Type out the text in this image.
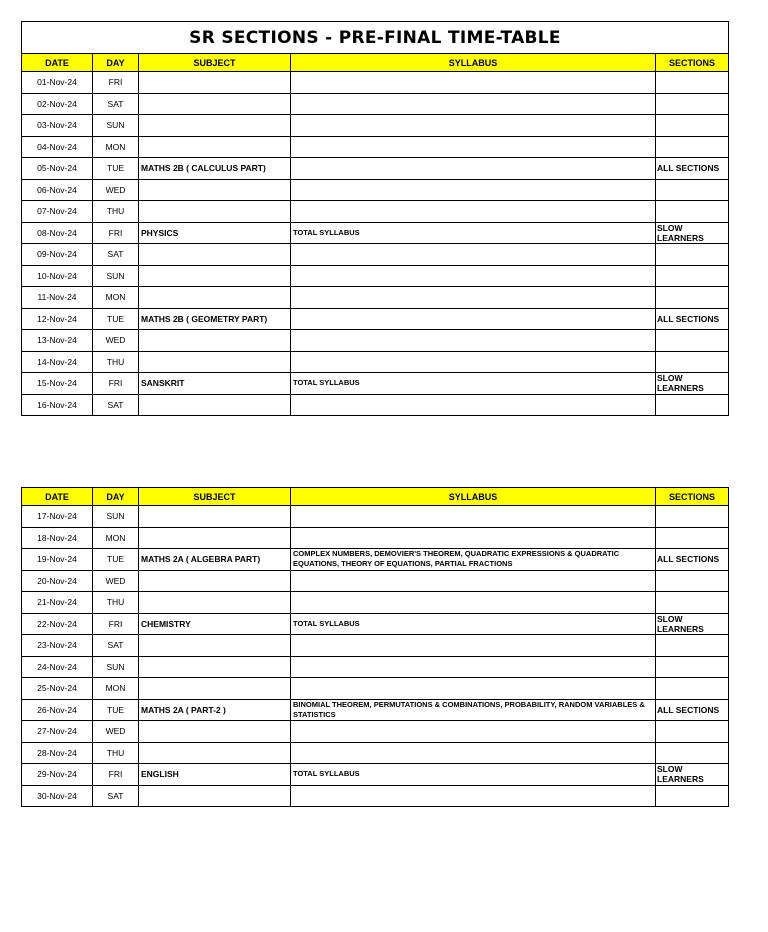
SR SECTIONS - PRE-FINAL TIME-TABLE				
DATE	DAY	SUBJECT	SYLLABUS	SECTIONS
01-Nov-24	FRI			
02-Nov-24	SAT			
03-Nov-24	SUN			
04-Nov-24	MON			
05-Nov-24	TUE	MATHS 2B ( CALCULUS PART)		ALL SECTIONS
06-Nov-24	WED			
07-Nov-24	THU			
08-Nov-24	FRI	PHYSICS	TOTAL SYLLABUS	SLOW LEARNERS
09-Nov-24	SAT			
10-Nov-24	SUN			
11-Nov-24	MON			
12-Nov-24	TUE	MATHS 2B ( GEOMETRY PART)		ALL SECTIONS
13-Nov-24	WED			
14-Nov-24	THU			
15-Nov-24	FRI	SANSKRIT	TOTAL SYLLABUS	SLOW LEARNERS
16-Nov-24	SAT			
DATE	DAY	SUBJECT	SYLLABUS	SECTIONS
17-Nov-24	SUN			
18-Nov-24	MON			
19-Nov-24	TUE	MATHS 2A ( ALGEBRA PART)	COMPLEX NUMBERS, DEMOVIER'S THEOREM, QUADRATIC EXPRESSIONS & QUADRATIC EQUATIONS, THEORY OF EQUATIONS, PARTIAL FRACTIONS	ALL SECTIONS
20-Nov-24	WED			
21-Nov-24	THU			
22-Nov-24	FRI	CHEMISTRY	TOTAL SYLLABUS	SLOW LEARNERS
23-Nov-24	SAT			
24-Nov-24	SUN			
25-Nov-24	MON			
26-Nov-24	TUE	MATHS 2A ( PART-2 )	BINOMIAL THEOREM, PERMUTATIONS & COMBINATIONS, PROBABILITY, RANDOM VARIABLES & STATISTICS	ALL SECTIONS
27-Nov-24	WED			
28-Nov-24	THU			
29-Nov-24	FRI	ENGLISH	TOTAL SYLLABUS	SLOW LEARNERS
30-Nov-24	SAT			
